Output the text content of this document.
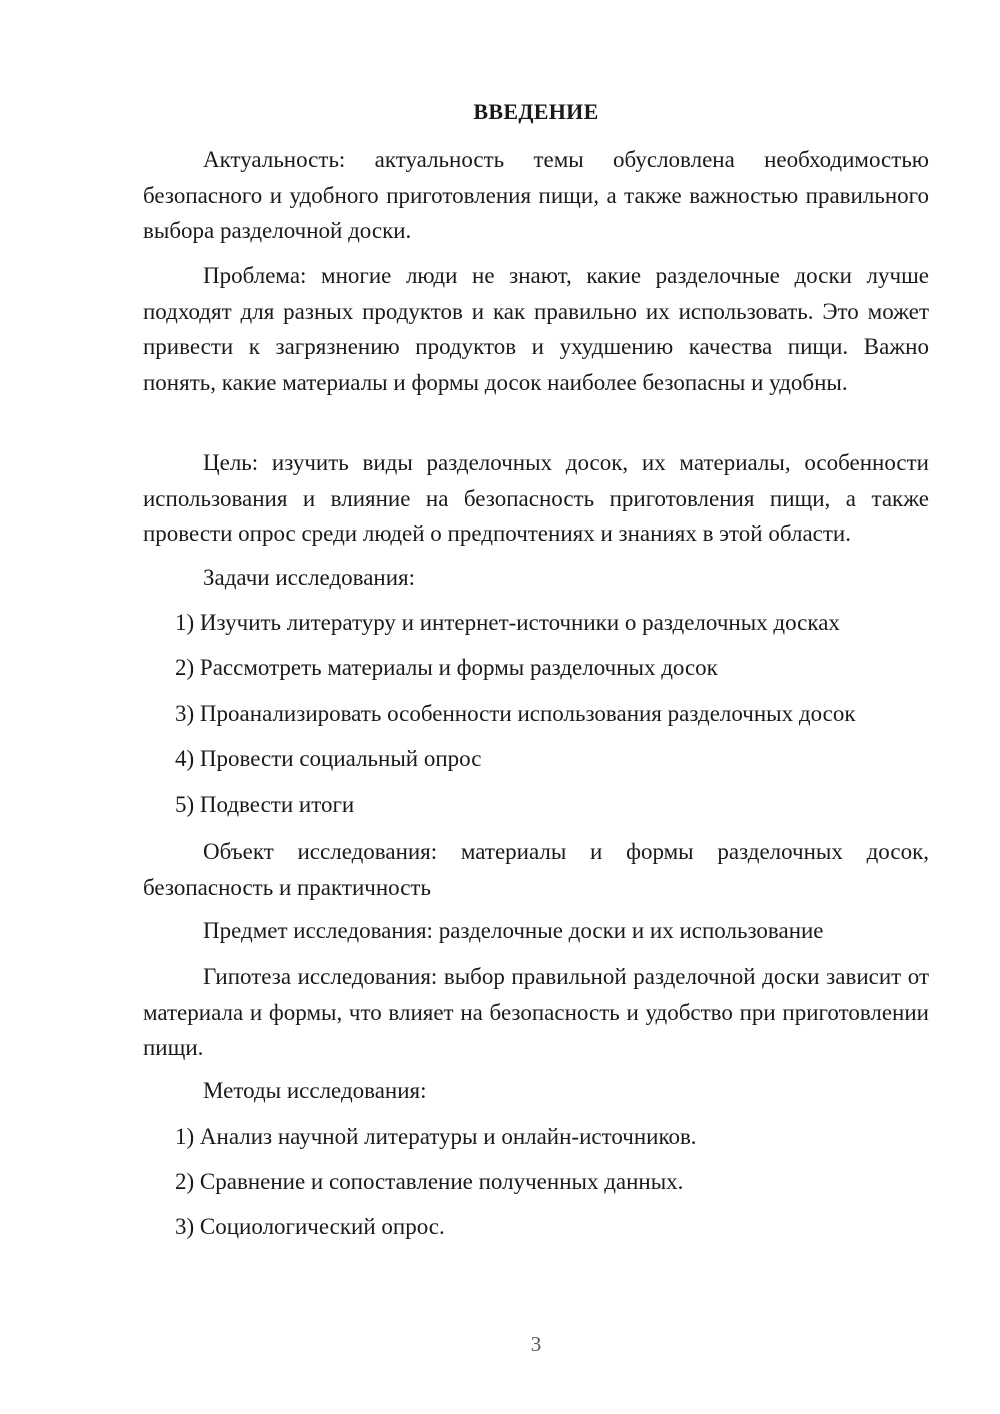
ВВЕДЕНИЕ

Актуальность: актуальность темы обусловлена необходимостью безопасного и удобного приготовления пищи, а также важностью правильного выбора разделочной доски.

Проблема: многие люди не знают, какие разделочные доски лучше подходят для разных продуктов и как правильно их использовать. Это может привести к загрязнению продуктов и ухудшению качества пищи. Важно понять, какие материалы и формы досок наиболее безопасны и удобны.

Цель: изучить виды разделочных досок, их материалы, особенности использования и влияние на безопасность приготовления пищи, а также провести опрос среди людей о предпочтениях и знаниях в этой области.

Задачи исследования:
1) Изучить литературу и интернет-источники о разделочных досках
2) Рассмотреть материалы и формы разделочных досок
3) Проанализировать особенности использования разделочных досок
4) Провести социальный опрос
5) Подвести итоги

Объект исследования: материалы и формы разделочных досок, безопасность и практичность

Предмет исследования: разделочные доски и их использование

Гипотеза исследования: выбор правильной разделочной доски зависит от материала и формы, что влияет на безопасность и удобство при приготовлении пищи.

Методы исследования:
1) Анализ научной литературы и онлайн-источников.
2) Сравнение и сопоставление полученных данных.
3) Социологический опрос.
3
